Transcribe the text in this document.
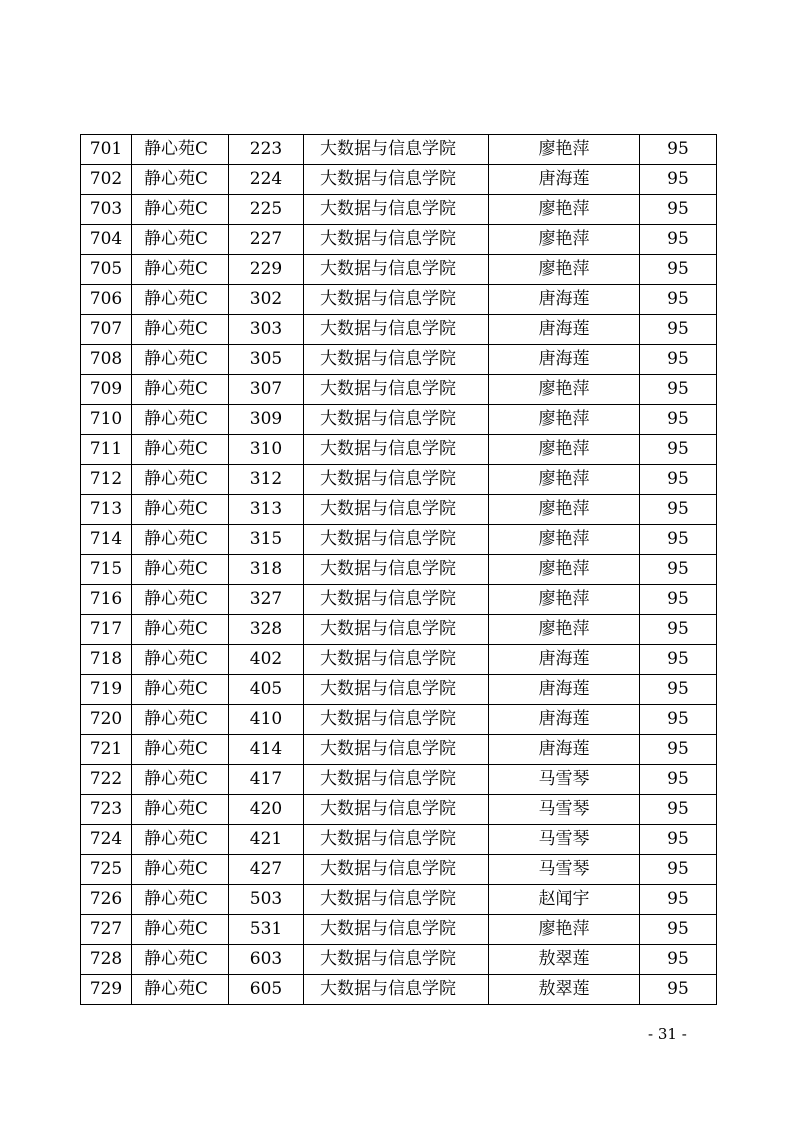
701	静心苑C	223	大数据与信息学院	廖艳萍	95
702	静心苑C	224	大数据与信息学院	唐海莲	95
703	静心苑C	225	大数据与信息学院	廖艳萍	95
704	静心苑C	227	大数据与信息学院	廖艳萍	95
705	静心苑C	229	大数据与信息学院	廖艳萍	95
706	静心苑C	302	大数据与信息学院	唐海莲	95
707	静心苑C	303	大数据与信息学院	唐海莲	95
708	静心苑C	305	大数据与信息学院	唐海莲	95
709	静心苑C	307	大数据与信息学院	廖艳萍	95
710	静心苑C	309	大数据与信息学院	廖艳萍	95
711	静心苑C	310	大数据与信息学院	廖艳萍	95
712	静心苑C	312	大数据与信息学院	廖艳萍	95
713	静心苑C	313	大数据与信息学院	廖艳萍	95
714	静心苑C	315	大数据与信息学院	廖艳萍	95
715	静心苑C	318	大数据与信息学院	廖艳萍	95
716	静心苑C	327	大数据与信息学院	廖艳萍	95
717	静心苑C	328	大数据与信息学院	廖艳萍	95
718	静心苑C	402	大数据与信息学院	唐海莲	95
719	静心苑C	405	大数据与信息学院	唐海莲	95
720	静心苑C	410	大数据与信息学院	唐海莲	95
721	静心苑C	414	大数据与信息学院	唐海莲	95
722	静心苑C	417	大数据与信息学院	马雪琴	95
723	静心苑C	420	大数据与信息学院	马雪琴	95
724	静心苑C	421	大数据与信息学院	马雪琴	95
725	静心苑C	427	大数据与信息学院	马雪琴	95
726	静心苑C	503	大数据与信息学院	赵闻宇	95
727	静心苑C	531	大数据与信息学院	廖艳萍	95
728	静心苑C	603	大数据与信息学院	敖翠莲	95
729	静心苑C	605	大数据与信息学院	敖翠莲	95
- 31 -
